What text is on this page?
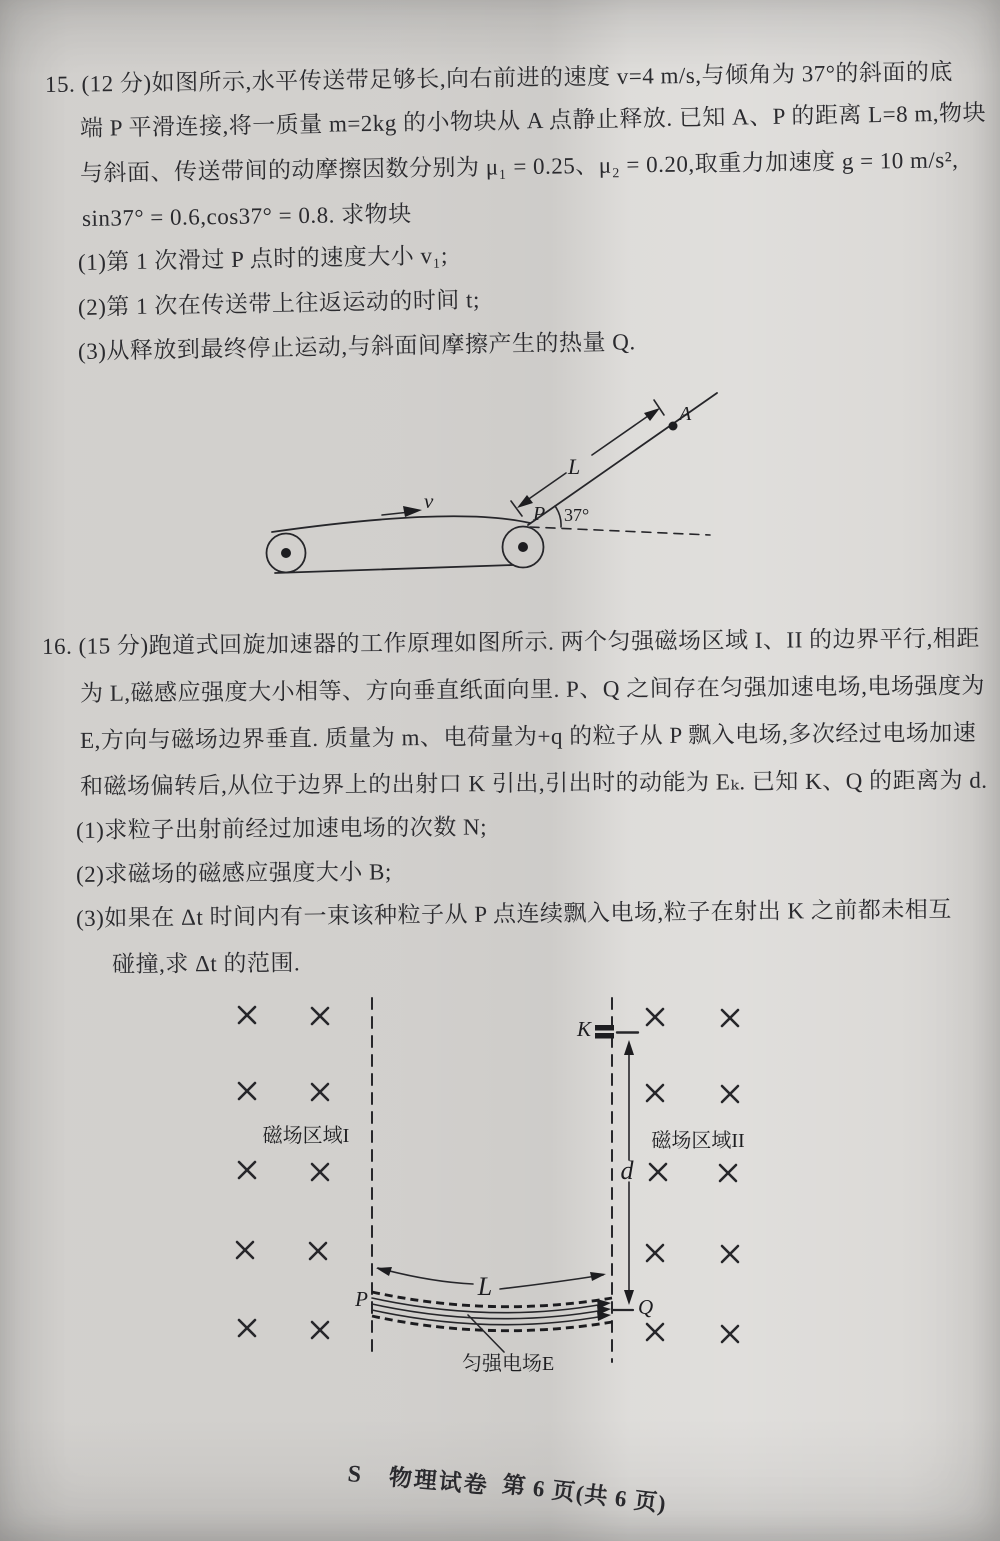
15. (12 分)如图所示,水平传送带足够长,向右前进的速度 v=4 m/s,与倾角为 37°的斜面的底
端 P 平滑连接,将一质量 m=2kg 的小物块从 A 点静止释放. 已知 A、P 的距离 L=8 m,物块
与斜面、传送带间的动摩擦因数分别为 μ₁ = 0.25、μ₂ = 0.20,取重力加速度 g = 10 m/s²,
sin37° = 0.6,cos37° = 0.8. 求物块
(1)第 1 次滑过 P 点时的速度大小 v₁;
(2)第 1 次在传送带上往返运动的时间 t;
(3)从释放到最终停止运动,与斜面间摩擦产生的热量 Q.
37°
v
L
A
P
16. (15 分)跑道式回旋加速器的工作原理如图所示. 两个匀强磁场区域 I、II 的边界平行,相距
为 L,磁感应强度大小相等、方向垂直纸面向里. P、Q 之间存在匀强加速电场,电场强度为
E,方向与磁场边界垂直. 质量为 m、电荷量为+q 的粒子从 P 飘入电场,多次经过电场加速
和磁场偏转后,从位于边界上的出射口 K 引出,引出时的动能为 Eₖ. 已知 K、Q 的距离为 d.
(1)求粒子出射前经过加速电场的次数 N;
(2)求磁场的磁感应强度大小 B;
(3)如果在 Δt 时间内有一束该种粒子从 P 点连续飘入电场,粒子在射出 K 之前都未相互
碰撞,求 Δt 的范围.
磁场区域I	磁场区域II
K
d
L
P	Q
匀强电场E
S 物理试卷 第 6 页(共 6 页)
